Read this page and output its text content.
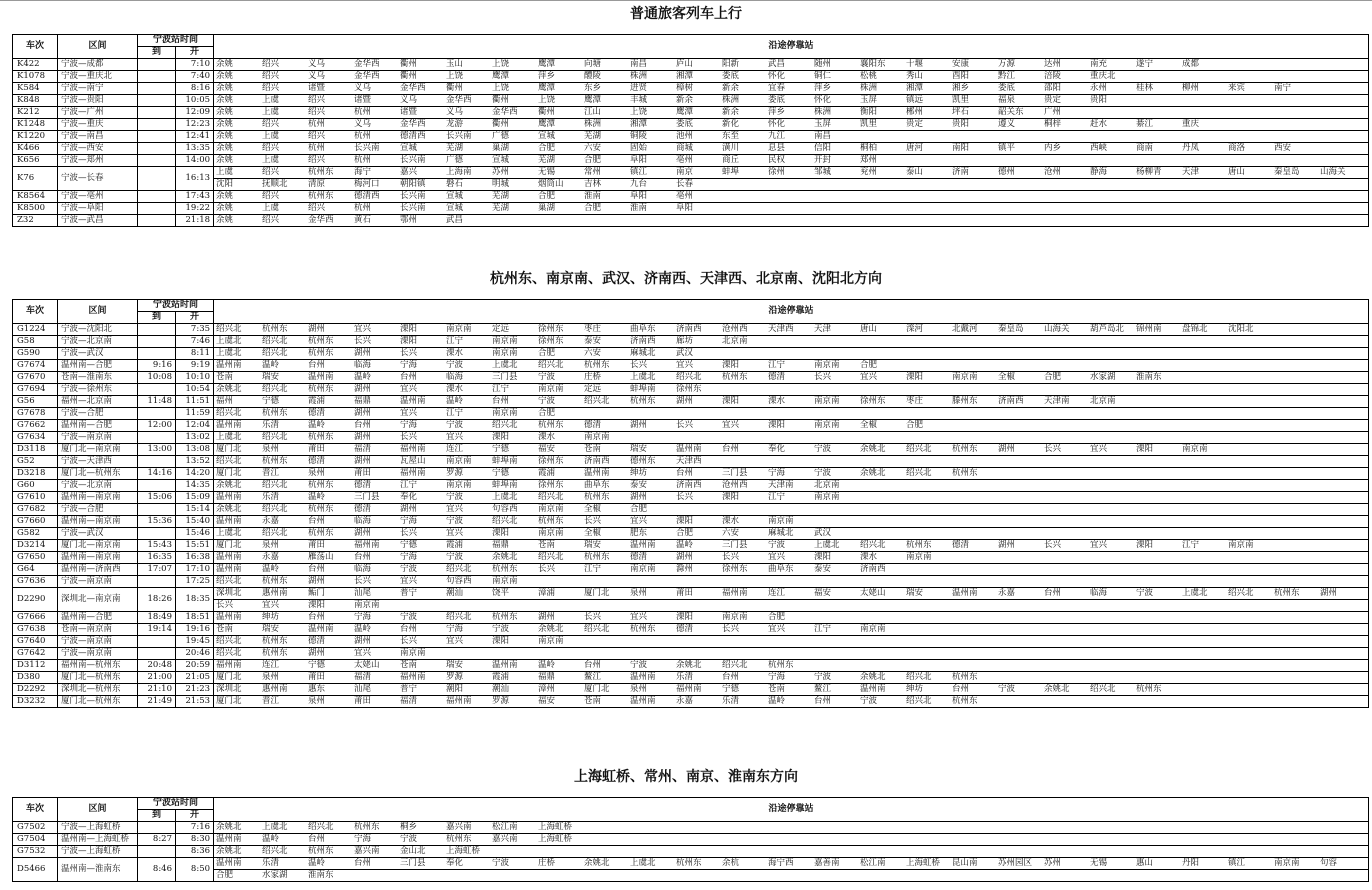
普通旅客列车上行
车次	区间	宁波站时间		沿途停靠站
		到	开	
K422	宁波—成都		7:10	余姚 绍兴 义乌 金华西 衢州 玉山 上饶 鹰潭 向塘 南昌 庐山 阳新 武昌 随州 襄阳东 十堰 安康 万源 达州 南充 遂宁 成都
K1078	宁波—重庆北		7:40	余姚 绍兴 义乌 金华西 衢州 上饶 鹰潭 萍乡 醴陵 株洲 湘潭 娄底 怀化 铜仁 松桃 秀山 酉阳 黔江 涪陵 重庆北
K584	宁波—南宁		8:16	余姚 绍兴 诸暨 义乌 金华西 衢州 上饶 鹰潭 东乡 进贤 樟树 新余 宜春 萍乡 株洲 湘潭 湘乡 娄底 邵阳 永州 桂林 柳州 来宾 南宁
K848	宁波—贵阳		10:05	余姚 上虞 绍兴 诸暨 义乌 金华西 衢州 上饶 鹰潭 丰城 新余 株洲 娄底 怀化 玉屏 镇远 凯里 福泉 贵定 贵阳
K212	宁波—广州		12:09	余姚 上虞 绍兴 杭州 诸暨 义乌 金华西 衢州 江山 上饶 鹰潭 新余 萍乡 株洲 衡阳 郴州 坪石 韶关东 广州
K1248	宁波—重庆		12:23	余姚 绍兴 杭州 义乌 金华西 龙游 衢州 鹰潭 株洲 湘潭 娄底 新化 怀化 玉屏 凯里 贵定 贵阳 遵义 桐梓 赶水 綦江 重庆
K1220	宁波—南昌		12:41	余姚 上虞 绍兴 杭州 德清西 长兴南 广德 宣城 芜湖 铜陵 池州 东至 九江 南昌
K466	宁波—西安		13:35	余姚 绍兴 杭州 长兴南 宣城 芜湖 巢湖 合肥 六安 固始 商城 潢川 息县 信阳 桐柏 唐河 南阳 镇平 内乡 西峡 商南 丹凤 商洛 西安
K656	宁波—郑州		14:00	余姚 上虞 绍兴 杭州 长兴南 广德 宣城 芜湖 合肥 阜阳 亳州 商丘 民权 开封 郑州
K76	宁波—长春		16:13	上虞 绍兴 杭州东 海宁 嘉兴 上海南 苏州 无锡 常州 镇江 南京 蚌埠 徐州 邹城 兖州 泰山 济南 德州 沧州 静海 杨柳青 天津 唐山 秦皇岛 山海关
				沈阳 抚顺北 清原 梅河口 朝阳镇 磐石 明城 烟筒山 吉林 九台 长春
K8564	宁波—亳州		17:43	余姚 绍兴 杭州东 德清西 长兴南 宣城 芜湖 合肥 淮南 阜阳 亳州
K8500	宁波—阜阳		19:22	余姚 上虞 绍兴 杭州 长兴南 宣城 芜湖 巢湖 合肥 淮南 阜阳
Z32	宁波—武昌		21:18	余姚 绍兴 金华西 黄石 鄂州 武昌
杭州东、南京南、武汉、济南西、天津西、北京南、沈阳北方向
车次	区间	宁波站时间		沿途停靠站
		到	开	
G1224	宁波—沈阳北		7:35	绍兴北 杭州东 湖州 宜兴 溧阳 南京南 定远 徐州东 枣庄 曲阜东 济南西 沧州西 天津西 天津 唐山 滦河 北戴河 秦皇岛 山海关 葫芦岛北 锦州南 盘锦北 沈阳北
G58	宁波—北京南		7:46	上虞北 绍兴北 杭州东 长兴 溧阳 江宁 南京南 徐州东 泰安 济南西 廊坊 北京南
G590	宁波—武汉		8:11	上虞北 绍兴北 杭州东 湖州 长兴 溧水 南京南 合肥 六安 麻城北 武汉
G7674	温州南—合肥	9:16	9:19	温州南 温岭 台州 临海 宁海 宁波 上虞北 绍兴北 杭州东 长兴 宜兴 溧阳 江宁 南京南 合肥
G7670	苍南—淮南东	10:08	10:10	苍南 瑞安 温州南 温岭 台州 临海 三门县 宁波 庄桥 上虞北 绍兴北 杭州东 德清 长兴 宜兴 溧阳 南京南 全椒 合肥 水家湖 淮南东
G7694	宁波—徐州东		10:54	余姚北 绍兴北 杭州东 湖州 宜兴 溧水 江宁 南京南 定远 蚌埠南 徐州东
G56	福州—北京南	11:48	11:51	福州 宁德 霞浦 福鼎 温州南 温岭 台州 宁波 绍兴北 杭州东 湖州 溧阳 溧水 南京南 徐州东 枣庄 滕州东 济南西 天津南 北京南
G7678	宁波—合肥		11:59	绍兴北 杭州东 德清 湖州 宜兴 江宁 南京南 合肥
G7662	温州南—合肥	12:00	12:04	温州南 乐清 温岭 台州 宁海 宁波 绍兴北 杭州东 德清 湖州 长兴 宜兴 溧阳 南京南 全椒 合肥
G7634	宁波—南京南		13:02	上虞北 绍兴北 杭州东 湖州 长兴 宜兴 溧阳 溧水 南京南
D3118	厦门北—南京南	13:00	13:08	厦门北 泉州 莆田 福清 福州南 连江 宁德 福安 苍南 瑞安 温州南 台州 奉化 宁波 余姚北 绍兴北 杭州东 湖州 长兴 宜兴 溧阳 南京南
G52	宁波—天津西		13:52	绍兴北 杭州东 德清 湖州 瓦屋山 南京南 蚌埠南 徐州东 济南西 德州东 天津西
D3218	厦门北—杭州东	14:16	14:20	厦门北 晋江 泉州 莆田 福州南 罗源 宁德 霞浦 温州南 绅坊 台州 三门县 宁海 宁波 余姚北 绍兴北 杭州东
G60	宁波—北京南		14:35	余姚北 绍兴北 杭州东 德清 江宁 南京南 蚌埠南 徐州东 曲阜东 泰安 济南西 沧州西 天津南 北京南
G7610	温州南—南京南	15:06	15:09	温州南 乐清 温岭 三门县 奉化 宁波 上虞北 绍兴北 杭州东 湖州 长兴 溧阳 江宁 南京南
G7682	宁波—合肥		15:14	余姚北 绍兴北 杭州东 德清 湖州 宜兴 句容西 南京南 全椒 合肥
G7660	温州南—南京南	15:36	15:40	温州南 永嘉 台州 临海 宁海 宁波 绍兴北 杭州东 长兴 宜兴 溧阳 溧水 南京南
G582	宁波—武汉		15:46	上虞北 绍兴北 杭州东 湖州 长兴 宜兴 溧阳 南京南 全椒 肥东 合肥 六安 麻城北 武汉
D3214	厦门北—南京南	15:43	15:51	厦门北 泉州 莆田 福州南 宁德 霞浦 福鼎 苍南 瑞安 温州南 温岭 三门县 宁波 上虞北 绍兴北 杭州东 德清 湖州 长兴 宜兴 溧阳 江宁 南京南
G7650	温州南—南京南	16:35	16:38	温州南 永嘉 雁荡山 台州 宁海 宁波 余姚北 绍兴北 杭州东 德清 湖州 长兴 宜兴 溧阳 溧水 南京南
G64	温州南—济南西	17:07	17:10	温州南 温岭 台州 临海 宁波 绍兴北 杭州东 长兴 江宁 南京南 滁州 徐州东 曲阜东 泰安 济南西
G7636	宁波—南京南		17:25	绍兴北 杭州东 湖州 长兴 宜兴 句容西 南京南
D2290	深圳北—南京南	18:26	18:35	深圳北 惠州南 鲘门 汕尾 普宁 潮汕 饶平 漳浦 厦门北 泉州 莆田 福州南 连江 福安 太姥山 瑞安 温州南 永嘉 台州 临海 宁波 上虞北 绍兴北 杭州东 湖州
				长兴 宜兴 溧阳 南京南
G7666	温州南—合肥	18:49	18:51	温州南 绅坊 台州 宁海 宁波 绍兴北 杭州东 湖州 长兴 宜兴 溧阳 南京南 合肥
G7638	苍南—南京南	19:14	19:16	苍南 瑞安 温州南 温岭 台州 宁海 宁波 余姚北 绍兴北 杭州东 德清 长兴 宜兴 江宁 南京南
G7640	宁波—南京南		19:45	绍兴北 杭州东 德清 湖州 长兴 宜兴 溧阳 南京南
G7642	宁波—南京南		20:46	绍兴北 杭州东 湖州 宜兴 南京南
D3112	福州南—杭州东	20:48	20:59	福州南 连江 宁德 太姥山 苍南 瑞安 温州南 温岭 台州 宁波 余姚北 绍兴北 杭州东
D380	厦门北—杭州东	21:00	21:05	厦门北 泉州 莆田 福清 福州南 罗源 霞浦 福鼎 鳌江 温州南 乐清 台州 宁海 宁波 余姚北 绍兴北 杭州东
D2292	深圳北—杭州东	21:10	21:23	深圳北 惠州南 惠东 汕尾 普宁 潮阳 潮汕 漳州 厦门北 泉州 福州南 宁德 苍南 鳌江 温州南 绅坊 台州 宁波 余姚北 绍兴北 杭州东
D3232	厦门北—杭州东	21:49	21:53	厦门北 晋江 泉州 莆田 福清 福州南 罗源 福安 苍南 温州南 永嘉 乐清 温岭 台州 宁波 绍兴北 杭州东
上海虹桥、常州、南京、淮南东方向
车次	区间	宁波站时间		沿途停靠站
		到	开	
G7502	宁波—上海虹桥		7:16	余姚北 上虞北 绍兴北 杭州东 桐乡 嘉兴南 松江南 上海虹桥
G7504	温州南—上海虹桥	8:27	8:30	温州南 温岭 台州 宁海 宁波 杭州东 嘉兴南 上海虹桥
G7532	宁波—上海虹桥		8:36	余姚北 绍兴北 杭州东 嘉兴南 金山北 上海虹桥
D5466	温州南—淮南东	8:46	8:50	温州南 乐清 温岭 台州 三门县 奉化 宁波 庄桥 余姚北 上虞北 杭州东 余杭 海宁西 嘉善南 松江南 上海虹桥 昆山南 苏州园区 苏州 无锡 惠山 丹阳 镇江 南京南 句容
				合肥 水家湖 淮南东
